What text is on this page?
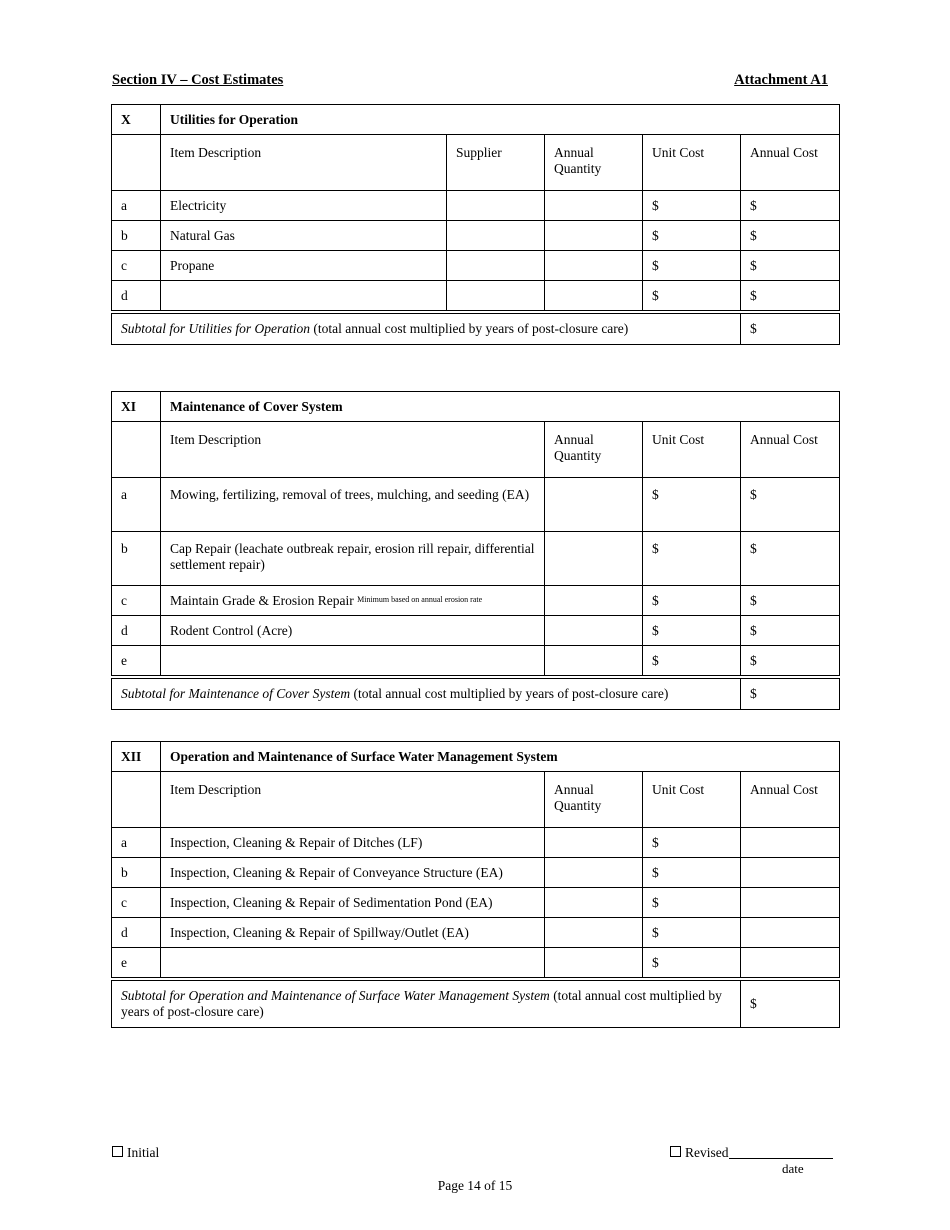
Section IV – Cost Estimates	Attachment A1
X	Utilities for Operation				
	Item Description	Supplier	Annual Quantity	Unit Cost	Annual Cost
a	Electricity			$	$
b	Natural Gas			$	$
c	Propane			$	$
d				$	$
Subtotal for Utilities for Operation (total annual cost multiplied by years of post-closure care)					$
XI	Maintenance of Cover System			
	Item Description	Annual Quantity	Unit Cost	Annual Cost
a	Mowing, fertilizing, removal of trees, mulching, and seeding (EA)		$	$
b	Cap Repair (leachate outbreak repair, erosion rill repair, differential settlement repair)		$	$
c	Maintain Grade & Erosion Repair $^{Minimum based on annual erosion rate}$		$	$
d	Rodent Control (Acre)		$	$
e			$	$
Subtotal for Maintenance of Cover System (total annual cost multiplied by years of post-closure care)				$
XII	Operation and Maintenance of Surface Water Management System			
	Item Description	Annual Quantity	Unit Cost	Annual Cost
a	Inspection, Cleaning & Repair of Ditches (LF)		$	
b	Inspection, Cleaning & Repair of Conveyance Structure (EA)		$	
c	Inspection, Cleaning & Repair of Sedimentation Pond (EA)		$	
d	Inspection, Cleaning & Repair of Spillway/Outlet (EA)		$	
e			$	
Subtotal for Operation and Maintenance of Surface Water Management System (total annual cost multiplied by years of post-closure care)				$
Initial	Revised
date
Page 14 of 15
